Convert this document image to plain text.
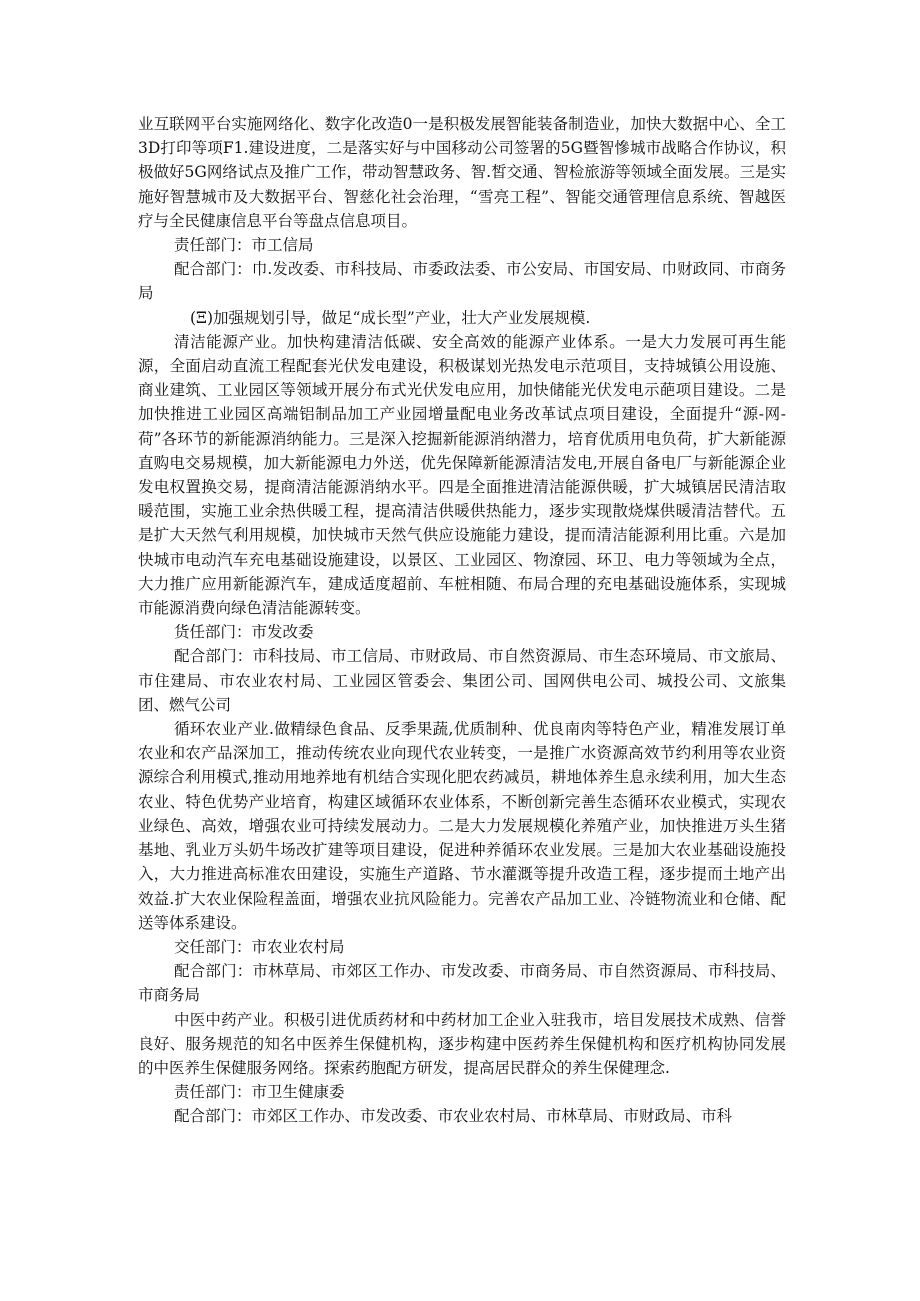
业互联网平台实施网络化、数字化改造0一是积极发展智能装备制造业，加快大数据中心、全工3D打印等项F1.建设进度，二是落实好与中国移动公司签署的5G暨智慘城市战略合作协议，积极做好5G网络试点及推广工作，带动智慧政务、智.皙交通、智检旅游等领域全面发展。三是实施好智慧城市及大数据平台、智慈化社会治理，“雪亮工程”、智能交通管理信息系统、智越医疗与全民健康信息平台等盘点信息项目。

责任部门：市工信局

配合部门：巾.发改委、市科技局、市委政法委、市公安局、市国安局、巾财政同、市商务局

(Ξ)加强规划引导，做足“成长型”产业，壮大产业发展规模.

清洁能源产业。加快构建清洁低碳、安全高效的能源产业体系。一是大力发展可再生能源，全面启动直流工程配套光伏发电建设，积极谋划光热发电示范项目，支持城镇公用设施、商业建筑、工业园区等领域开展分布式光伏发电应用，加快储能光伏发电示葩项目建设。二是加快推进工业园区高端铝制品加工产业园增量配电业务改革试点项目建设，全面提升“源-网-荷”各环节的新能源消纳能力。三是深入挖掘新能源消纳潜力，培育优质用电负荷，扩大新能源直购电交易规模，加大新能源电力外送，优先保障新能源清洁发电,开展自备电厂与新能源企业发电权置换交易，提商清洁能源消纳水平。四是全面推进清洁能源供暖，扩大城镇居民清洁取暖范围，实施工业余热供暖工程，提高清洁供暖供热能力，逐步实现散烧煤供暖清洁替代。五是扩大天然气利用规模，加快城市天然气供应设施能力建设，提而清洁能源利用比重。六是加快城市电动汽车充电基础设施建设，以景区、工业园区、物潦园、环卫、电力等领域为全点，大力推广应用新能源汽车，建成适度超前、车桩相随、布局合理的充电基础设施体系，实现城市能源消费向绿色清洁能源转变。

货任部门：市发改委

配合部门：市科技局、市工信局、市财政局、市自然资源局、市生态环境局、市文旅局、市住建局、市农业农村局、工业园区管委会、集团公司、国网供电公司、城投公司、文旅集团、燃气公司

循环农业产业.做精绿色食品、反季果蔬,优质制种、优良南肉等特色产业，精准发展订单农业和农产品深加工，推动传统农业向现代农业转变，一是推广水资源高效节约利用等农业资源综合利用模式,推动用地养地有机结合实现化肥农药减员，耕地体养生息永续利用，加大生态农业、特色优势产业培育，构建区域循环农业体系，不断创新完善生态循环农业模式，实现农业绿色、高效，增强农业可持续发展动力。二是大力发展规模化养殖产业，加快推进万头生猪基地、乳业万头奶牛场改扩建等项目建设，促进种养循环农业发展。三是加大农业基础设施投入，大力推进高标准农田建设，实施生产道路、节水灌溉等提升改造工程，逐步提而土地产出效益.扩大农业保险程盖面，增强农业抗风险能力。完善农产品加工业、冷链物流业和仓储、配送等体系建设。

交任部门：市农业农村局

配合部门：市林草局、市郊区工作办、市发改委、市商务局、市自然资源局、市科技局、市商务局

中医中药产业。积极引进优质药材和中药材加工企业入驻我市，培目发展技术成熟、信誉良好、服务规范的知名中医养生保健机构，逐步构建中医药养生保健机构和医疗机构协同发展的中医养生保健服务网络。探索药胞配方研发，提高居民群众的养生保健理念.

责任部门：市卫生健康委

配合部门：市郊区工作办、市发改委、市农业农村局、市林草局、市财政局、市科
